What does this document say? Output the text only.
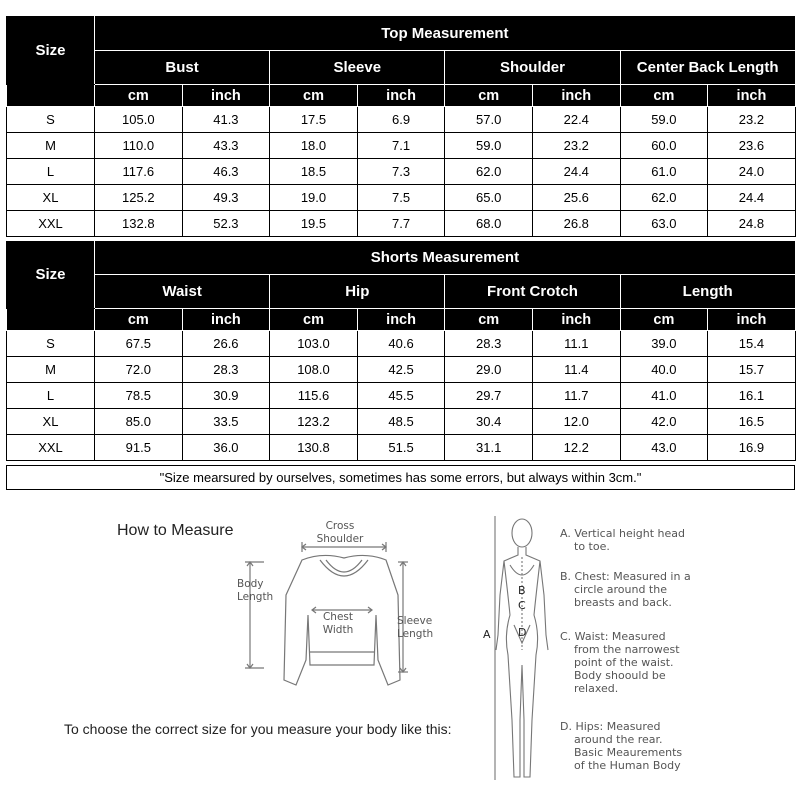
Size	Top Measurement							
	Bust		Sleeve		Shoulder		Center Back Length	
	cm	inch	cm	inch	cm	inch	cm	inch
S	105.0	41.3	17.5	6.9	57.0	22.4	59.0	23.2
M	110.0	43.3	18.0	7.1	59.0	23.2	60.0	23.6
L	117.6	46.3	18.5	7.3	62.0	24.4	61.0	24.0
XL	125.2	49.3	19.0	7.5	65.0	25.6	62.0	24.4
XXL	132.8	52.3	19.5	7.7	68.0	26.8	63.0	24.8
Size	Shorts Measurement							
	Waist		Hip		Front Crotch		Length	
	cm	inch	cm	inch	cm	inch	cm	inch
S	67.5	26.6	103.0	40.6	28.3	11.1	39.0	15.4
M	72.0	28.3	108.0	42.5	29.0	11.4	40.0	15.7
L	78.5	30.9	115.6	45.5	29.7	11.7	41.0	16.1
XL	85.0	33.5	123.2	48.5	30.4	12.0	42.0	16.5
XXL	91.5	36.0	130.8	51.5	31.1	12.2	43.0	16.9
"Size mearsured by ourselves, sometimes has some errors, but always within 3cm."
How to Measure
To choose the correct size for you measure your body like this:
Cross
Shoulder
Body
Length
Chest
Width
Sleeve
Length	A
B
C
D
A. Vertical height head
to toe.
B. Chest: Measured in a
circle around the
breasts and back.
C. Waist: Measured
from the narrowest
point of the waist.
Body shoould be
relaxed.
D. Hips: Measured
around the rear.
Basic Meaurements
of the Human Body
